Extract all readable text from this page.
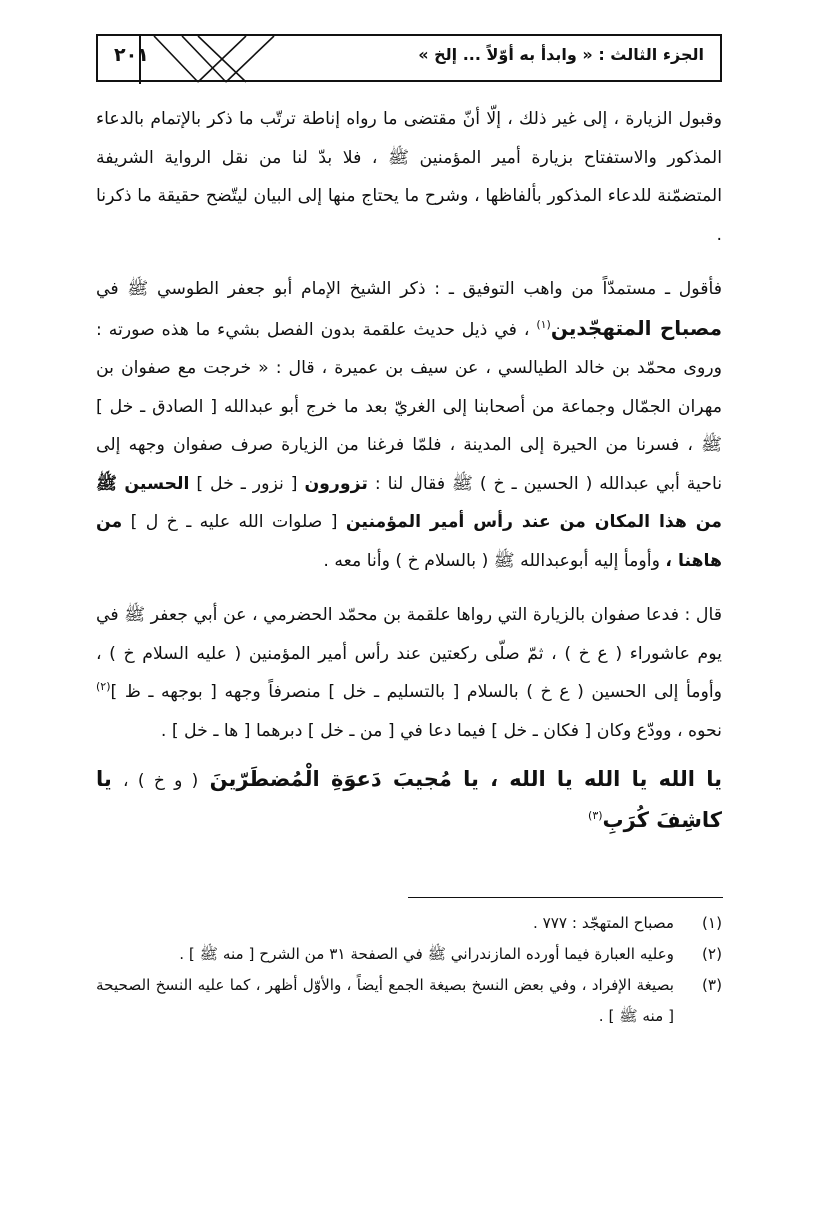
الجزء الثالث : « وابدأ به أوّلاً ... إلخ »
٢٠١

وقبول الزيارة ، إلى غير ذلك ، إلّا أنّ مقتضى ما رواه إناطة ترتّب ما ذكر بالإتمام بالدعاء المذكور والاستفتاح بزيارة أمير المؤمنين ﷺ ، فلا بدّ لنا من نقل الرواية الشريفة المتضمّنة للدعاء المذكور بألفاظها ، وشرح ما يحتاج منها إلى البيان ليتّضح حقيقة ما ذكرنا .

فأقول ـ مستمدّاً من واهب التوفيق ـ : ذكر الشيخ الإمام أبو جعفر الطوسي ﷺ في مصباح المتهجّدين$^{(١)}$ ، في ذيل حديث علقمة بدون الفصل بشيء ما هذه صورته : وروى محمّد بن خالد الطيالسي ، عن سيف بن عميرة ، قال : « خرجت مع صفوان بن مهران الجمّال وجماعة من أصحابنا إلى الغريّ بعد ما خرج أبو عبدالله [ الصادق ـ خل ] ﷺ ، فسرنا من الحيرة إلى المدينة ، فلمّا فرغنا من الزيارة صرف صفوان وجهه إلى ناحية أبي عبدالله ( الحسين ـ خ ) ﷺ فقال لنا : تزورون [ نزور ـ خل ] الحسين ﷺ من هذا المكان من عند رأس أمير المؤمنين [ صلوات الله عليه ـ خ ل ] من هاهنا ، وأومأ إليه أبوعبدالله ﷺ ( بالسلام خ ) وأنا معه .

قال : فدعا صفوان بالزيارة التي رواها علقمة بن محمّد الحضرمي ، عن أبي جعفر ﷺ في يوم عاشوراء ( ع خ ) ، ثمّ صلّى ركعتين عند رأس أمير المؤمنين ( عليه السلام خ ) ، وأومأ إلى الحسين ( ع خ ) بالسلام [ بالتسليم ـ خل ] منصرفاً وجهه [ بوجهه ـ ظ ]$^{(٢)}$ نحوه ، وودّع وكان [ فكان ـ خل ] فيما دعا في [ من ـ خل ] دبرهما [ ها ـ خل ] .

يا الله يا الله يا الله ، يا مُجيبَ دَعوَةِ الْمُضطَرّينَ ( و خ ) ، يا كاشِفَ كُرَبِ$^{(٣)}$

(١)
مصباح المتهجّد : ٧٧٧ .
(٢)
وعليه العبارة فيما أورده المازندراني ﷺ في الصفحة ٣١ من الشرح [ منه ﷺ ] .
(٣)
بصيغة الإفراد ، وفي بعض النسخ بصيغة الجمع أيضاً ، والأوّل أظهر ، كما عليه النسخ الصحيحة [ منه ﷺ ] .
